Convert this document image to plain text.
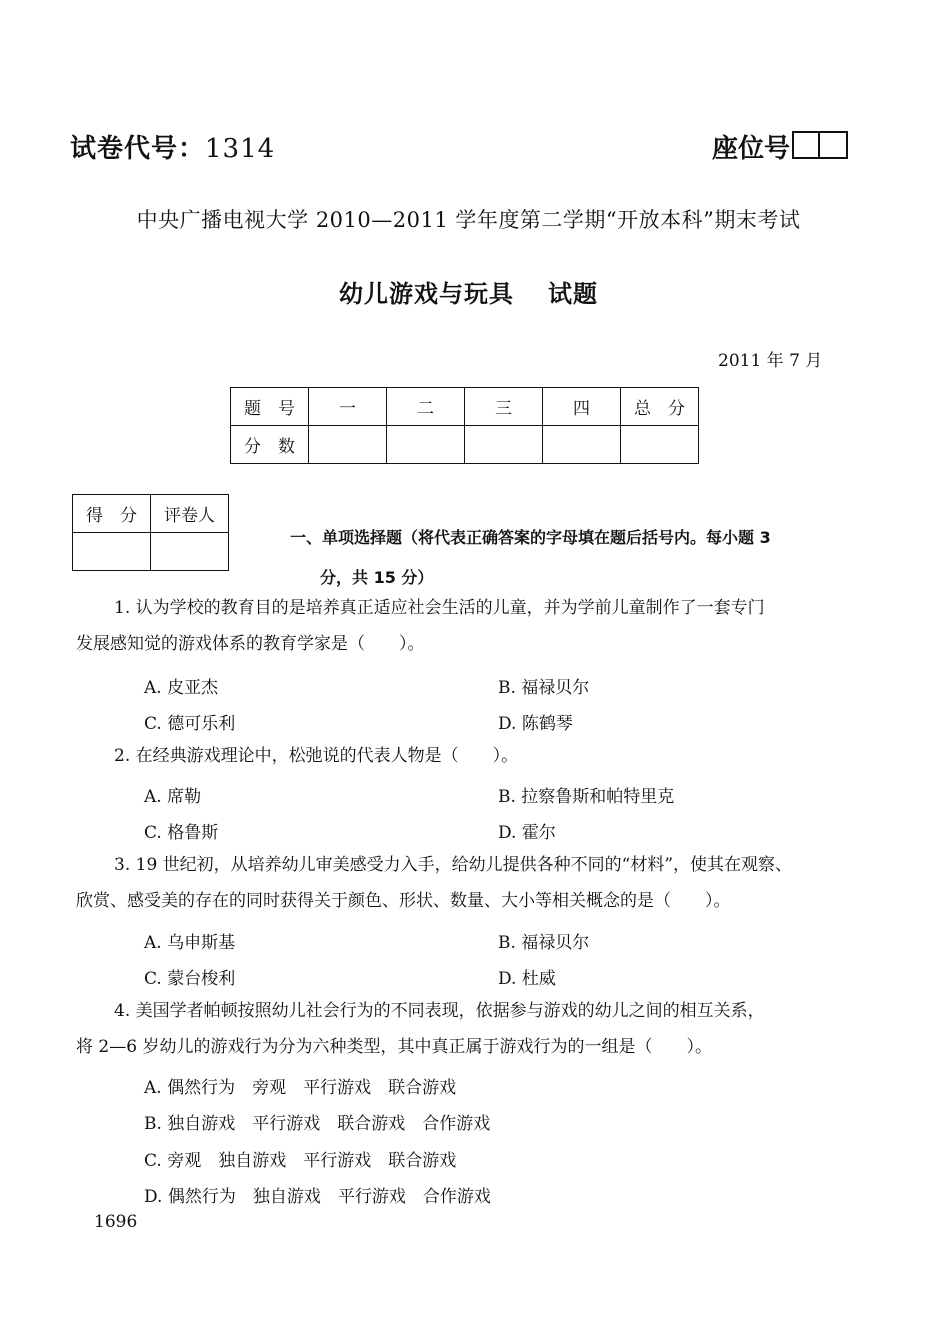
试卷代号：1314	座位号
中央广播电视大学 2010—2011 学年度第二学期“开放本科”期末考试
幼儿游戏与玩具 试题
2011 年 7 月
题　号	一	二	三	四	总　分
分　数					
得　分	评卷人

一、单项选择题（将代表正确答案的字母填在题后括号内。每小题 3
分，共 15 分）
1. 认为学校的教育目的是培养真正适应社会生活的儿童，并为学前儿童制作了一套专门
发展感知觉的游戏体系的教育学家是（　　）。
A. 皮亚杰	B. 福禄贝尔
C. 德可乐利	D. 陈鹤琴
2. 在经典游戏理论中，松弛说的代表人物是（　　）。
A. 席勒	B. 拉察鲁斯和帕特里克
C. 格鲁斯	D. 霍尔
3. 19 世纪初，从培养幼儿审美感受力入手，给幼儿提供各种不同的“材料”，使其在观察、
欣赏、感受美的存在的同时获得关于颜色、形状、数量、大小等相关概念的是（　　）。
A. 乌申斯基	B. 福禄贝尔
C. 蒙台梭利	D. 杜威
4. 美国学者帕顿按照幼儿社会行为的不同表现，依据参与游戏的幼儿之间的相互关系，
将 2—6 岁幼儿的游戏行为分为六种类型，其中真正属于游戏行为的一组是（　　）。
A. 偶然行为　旁观　平行游戏　联合游戏
B. 独自游戏　平行游戏　联合游戏　合作游戏
C. 旁观　独自游戏　平行游戏　联合游戏
D. 偶然行为　独自游戏　平行游戏　合作游戏
1696
